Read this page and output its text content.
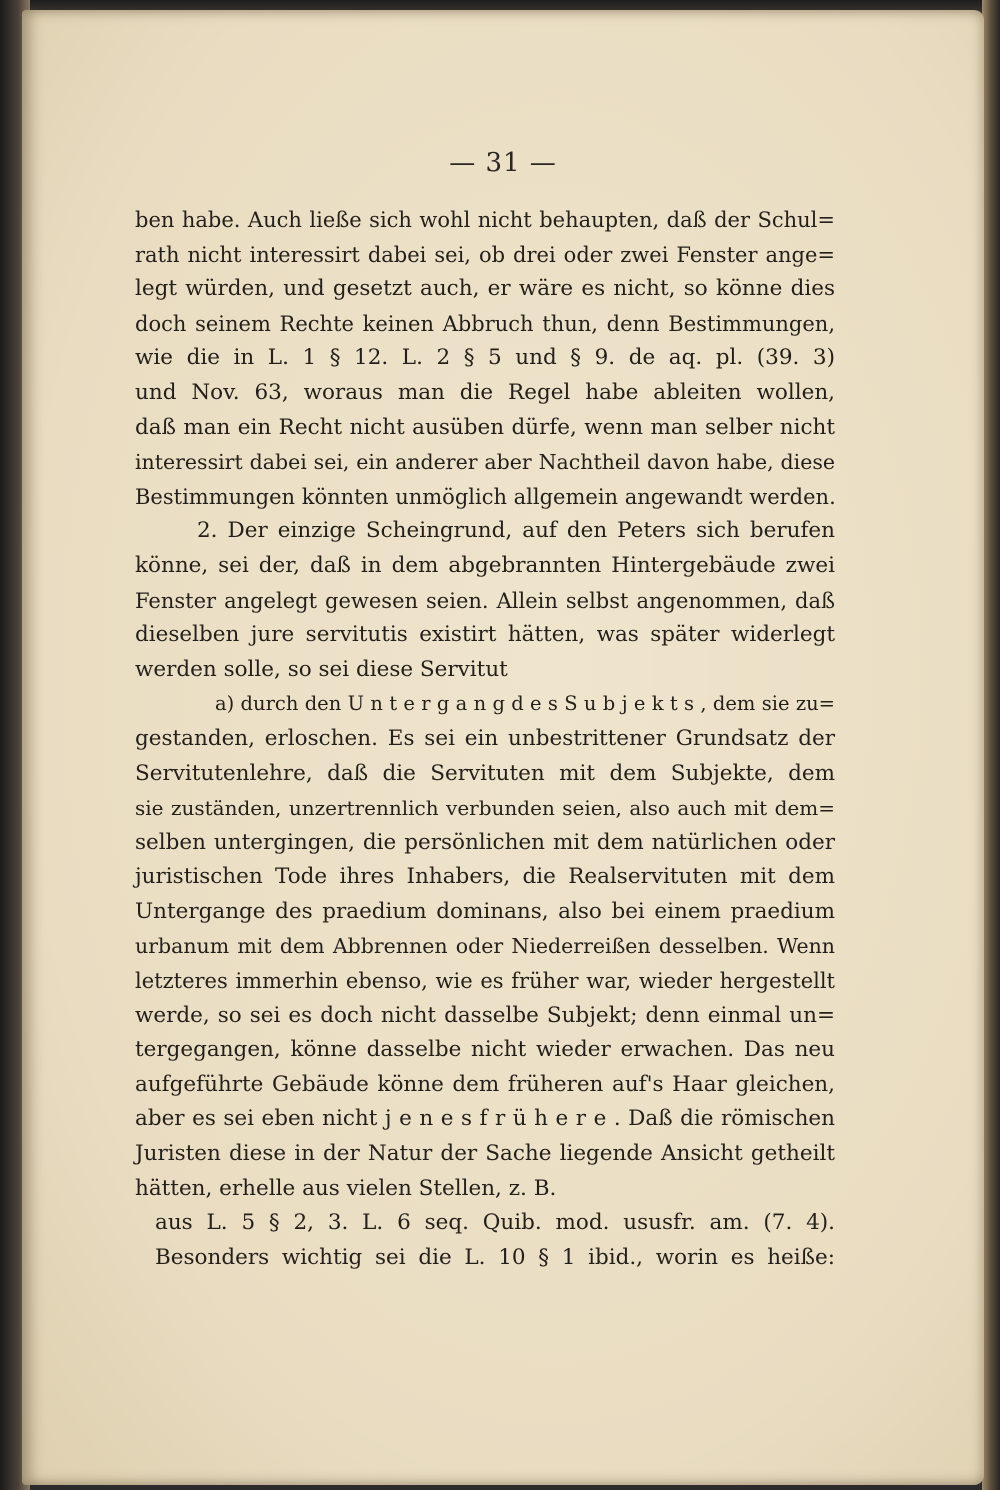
— 31 —
ben habe. Auch ließe sich wohl nicht behaupten, daß der Schul=
rath nicht interessirt dabei sei, ob drei oder zwei Fenster ange=
legt würden, und gesetzt auch, er wäre es nicht, so könne dies
doch seinem Rechte keinen Abbruch thun, denn Bestimmungen,
wie die in L. 1 § 12. L. 2 § 5 und § 9. de aq. pl. (39. 3)
und Nov. 63, woraus man die Regel habe ableiten wollen,
daß man ein Recht nicht ausüben dürfe, wenn man selber nicht
interessirt dabei sei, ein anderer aber Nachtheil davon habe, diese
Bestimmungen könnten unmöglich allgemein angewandt werden.
2. Der einzige Scheingrund, auf den Peters sich berufen
könne, sei der, daß in dem abgebrannten Hintergebäude zwei
Fenster angelegt gewesen seien. Allein selbst angenommen, daß
dieselben jure servitutis existirt hätten, was später widerlegt
werden solle, so sei diese Servitut
a) durch den U n t e r g a n g d e s S u b j e k t s , dem sie zu=
gestanden, erloschen. Es sei ein unbestrittener Grundsatz der
Servitutenlehre, daß die Servituten mit dem Subjekte, dem
sie zuständen, unzertrennlich verbunden seien, also auch mit dem=
selben untergingen, die persönlichen mit dem natürlichen oder
juristischen Tode ihres Inhabers, die Realservituten mit dem
Untergange des praedium dominans, also bei einem praedium
urbanum mit dem Abbrennen oder Niederreißen desselben. Wenn
letzteres immerhin ebenso, wie es früher war, wieder hergestellt
werde, so sei es doch nicht dasselbe Subjekt; denn einmal un=
tergegangen, könne dasselbe nicht wieder erwachen. Das neu
aufgeführte Gebäude könne dem früheren auf's Haar gleichen,
aber es sei eben nicht j e n e s f r ü h e r e . Daß die römischen
Juristen diese in der Natur der Sache liegende Ansicht getheilt
hätten, erhelle aus vielen Stellen, z. B.
aus L. 5 § 2, 3. L. 6 seq. Quib. mod. ususfr. am. (7. 4).
Besonders wichtig sei die L. 10 § 1 ibid., worin es heiße:
